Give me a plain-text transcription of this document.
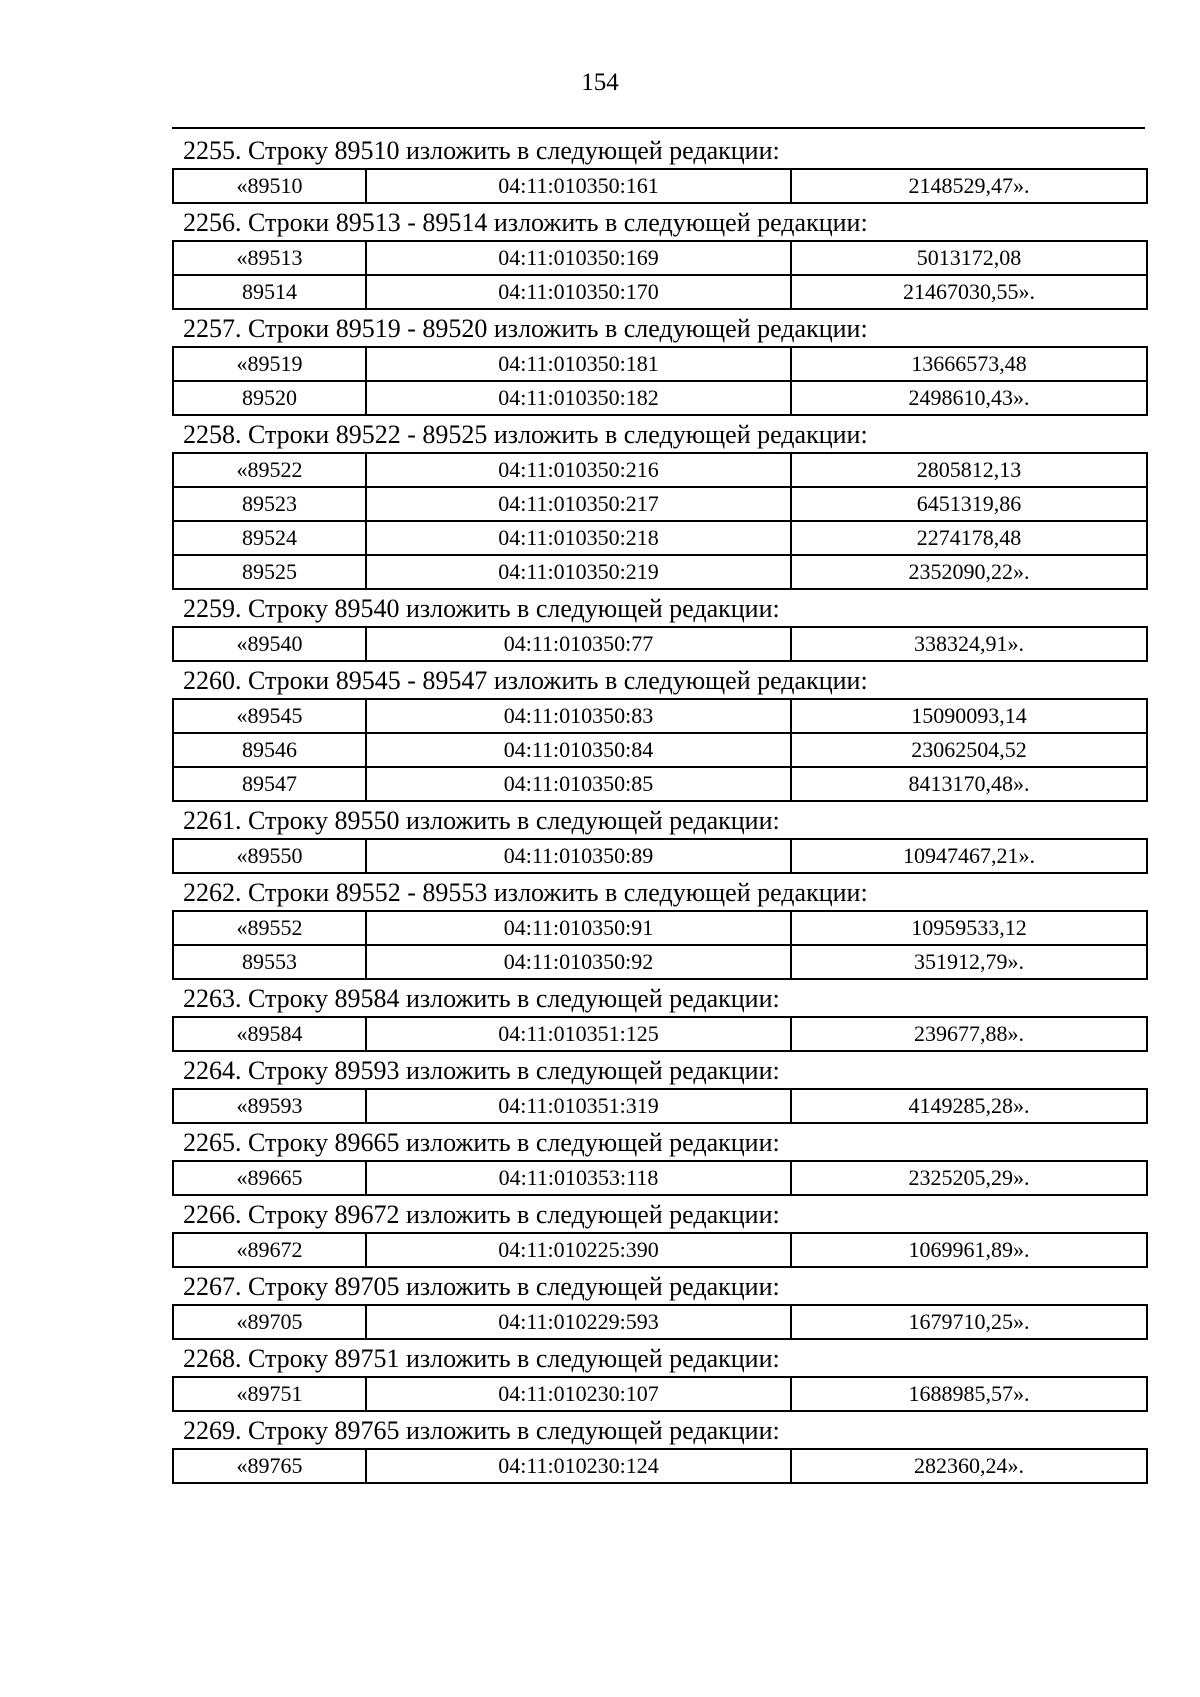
154
2255. Строку 89510 изложить в следующей редакции:
«89510	04:11:010350:161	2148529,47».
2256. Строки 89513 - 89514 изложить в следующей редакции:
«89513	04:11:010350:169	5013172,08
89514	04:11:010350:170	21467030,55».
2257. Строки 89519 - 89520 изложить в следующей редакции:
«89519	04:11:010350:181	13666573,48
89520	04:11:010350:182	2498610,43».
2258. Строки 89522 - 89525 изложить в следующей редакции:
«89522	04:11:010350:216	2805812,13
89523	04:11:010350:217	6451319,86
89524	04:11:010350:218	2274178,48
89525	04:11:010350:219	2352090,22».
2259. Строку 89540 изложить в следующей редакции:
«89540	04:11:010350:77	338324,91».
2260. Строки 89545 - 89547 изложить в следующей редакции:
«89545	04:11:010350:83	15090093,14
89546	04:11:010350:84	23062504,52
89547	04:11:010350:85	8413170,48».
2261. Строку 89550 изложить в следующей редакции:
«89550	04:11:010350:89	10947467,21».
2262. Строки 89552 - 89553 изложить в следующей редакции:
«89552	04:11:010350:91	10959533,12
89553	04:11:010350:92	351912,79».
2263. Строку 89584 изложить в следующей редакции:
«89584	04:11:010351:125	239677,88».
2264. Строку 89593 изложить в следующей редакции:
«89593	04:11:010351:319	4149285,28».
2265. Строку 89665 изложить в следующей редакции:
«89665	04:11:010353:118	2325205,29».
2266. Строку 89672 изложить в следующей редакции:
«89672	04:11:010225:390	1069961,89».
2267. Строку 89705 изложить в следующей редакции:
«89705	04:11:010229:593	1679710,25».
2268. Строку 89751 изложить в следующей редакции:
«89751	04:11:010230:107	1688985,57».
2269. Строку 89765 изложить в следующей редакции:
«89765	04:11:010230:124	282360,24».
